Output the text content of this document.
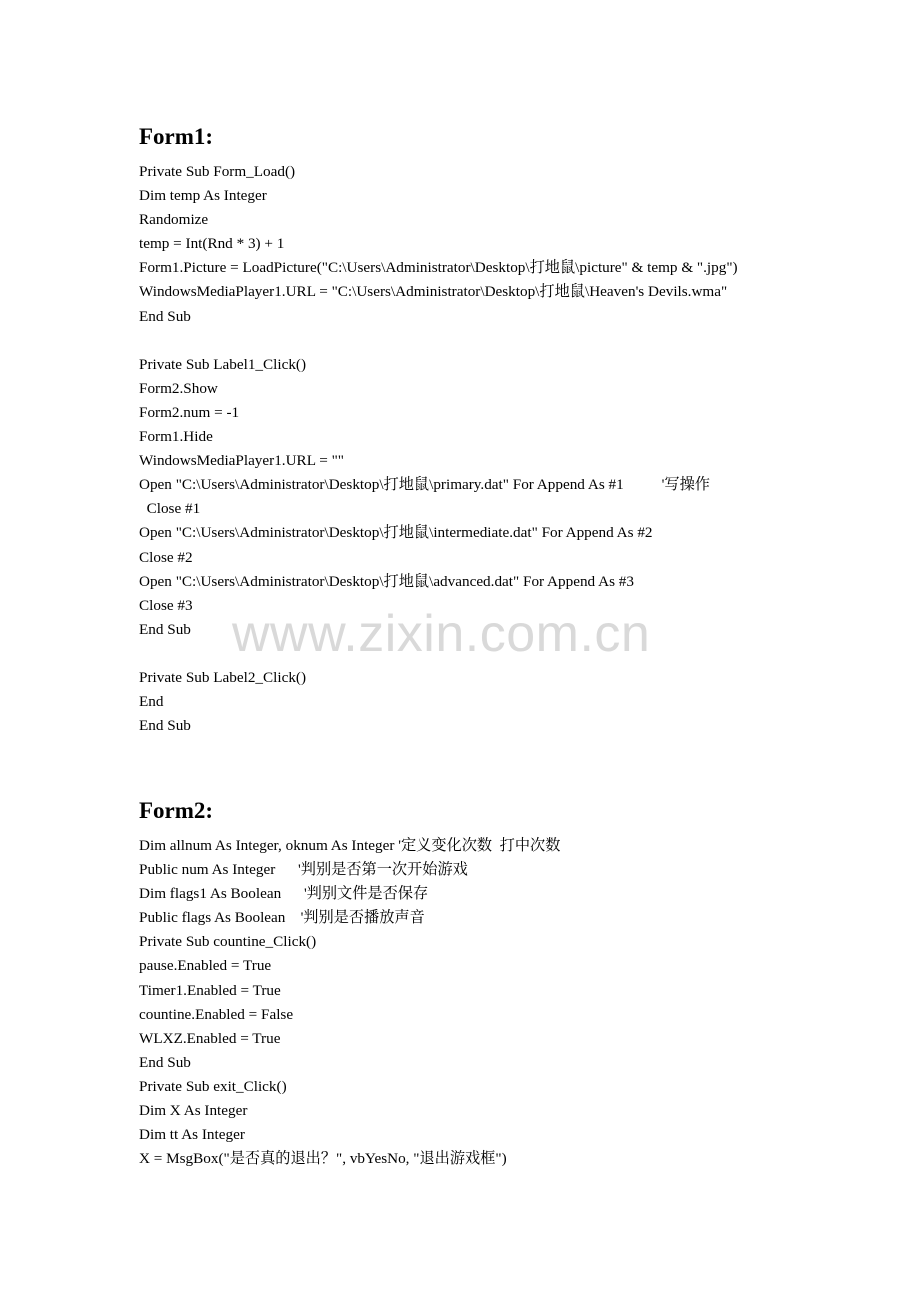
Form1:
Private Sub Form_Load()
Dim temp As Integer
Randomize
temp = Int(Rnd * 3) + 1
Form1.Picture = LoadPicture("C:\Users\Administrator\Desktop\打地鼠\picture" & temp & ".jpg")
WindowsMediaPlayer1.URL = "C:\Users\Administrator\Desktop\打地鼠\Heaven's Devils.wma"
End Sub
Private Sub Label1_Click()
Form2.Show
Form2.num = -1
Form1.Hide
WindowsMediaPlayer1.URL = ""
Open "C:\Users\Administrator\Desktop\打地鼠\primary.dat" For Append As #1          '写操作
Close #1
Open "C:\Users\Administrator\Desktop\打地鼠\intermediate.dat" For Append As #2
Close #2
Open "C:\Users\Administrator\Desktop\打地鼠\advanced.dat" For Append As #3
Close #3
End Sub
Private Sub Label2_Click()
End
End Sub
www.zixin.com.cn
Form2:
Dim allnum As Integer, oknum As Integer '定义变化次数  打中次数
Public num As Integer      '判别是否第一次开始游戏
Dim flags1 As Boolean      '判别文件是否保存
Public flags As Boolean    '判别是否播放声音
Private Sub countine_Click()
pause.Enabled = True
Timer1.Enabled = True
countine.Enabled = False
WLXZ.Enabled = True
End Sub
Private Sub exit_Click()
Dim X As Integer
Dim tt As Integer
X = MsgBox("是否真的退出？", vbYesNo, "退出游戏框")
